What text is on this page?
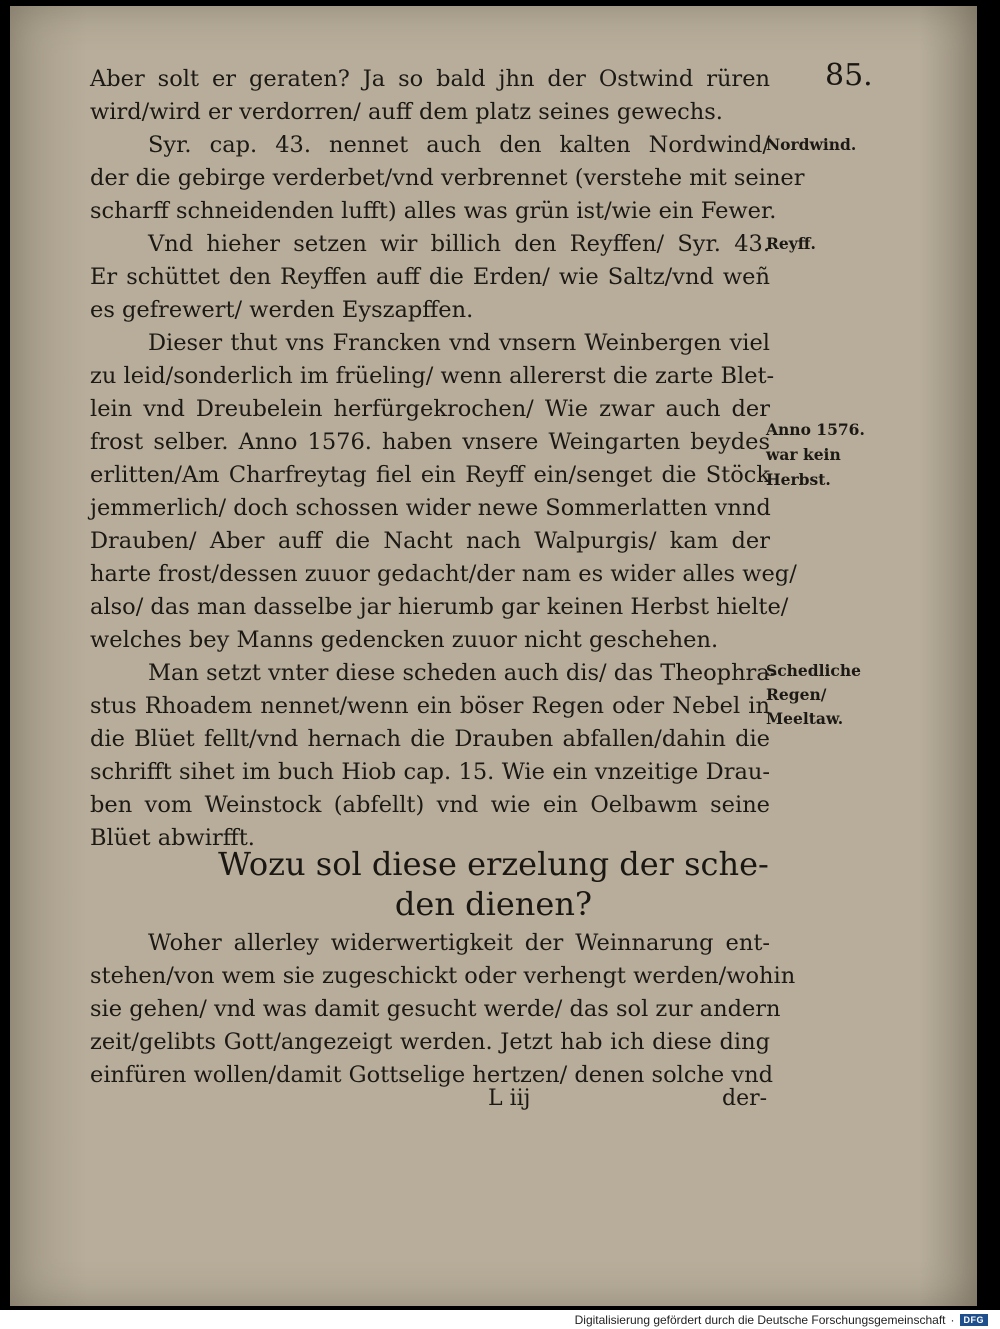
85.
Aber solt er geraten? Ja so bald jhn der Ostwind rüren
wird/wird er verdorren/ auff dem platz seines gewechs.
Syr. cap. 43. nennet auch den kalten Nordwind/
der die gebirge verderbet/vnd verbrennet (verstehe mit seiner
scharff schneidenden lufft) alles was grün ist/wie ein Fewer.
Vnd hieher setzen wir billich den Reyffen/ Syr. 43.
Er schüttet den Reyffen auff die Erden/ wie Saltz/vnd weñ
es gefrewert/ werden Eyszapffen.
Dieser thut vns Francken vnd vnsern Weinbergen viel
zu leid/sonderlich im früeling/ wenn allererst die zarte Blet-
lein vnd Dreubelein herfürgekrochen/ Wie zwar auch der
frost selber. Anno 1576. haben vnsere Weingarten beydes
erlitten/Am Charfreytag fiel ein Reyff ein/senget die Stöck
jemmerlich/ doch schossen wider newe Sommerlatten vnnd
Drauben/ Aber auff die Nacht nach Walpurgis/ kam der
harte frost/dessen zuuor gedacht/der nam es wider alles weg/
also/ das man dasselbe jar hierumb gar keinen Herbst hielte/
welches bey Manns gedencken zuuor nicht geschehen.
Man setzt vnter diese scheden auch dis/ das Theophra-
stus Rhoadem nennet/wenn ein böser Regen oder Nebel in
die Blüet fellt/vnd hernach die Drauben abfallen/dahin die
schrifft sihet im buch Hiob cap. 15. Wie ein vnzeitige Drau-
ben vom Weinstock (abfellt) vnd wie ein Oelbawm seine
Blüet abwirfft.
Nordwind.
Reyff.
Anno 1576.
war kein
Herbst.
Schedliche
Regen/
Meeltaw.
Wozu sol diese erzelung der sche-
den dienen?
Woher allerley widerwertigkeit der Weinnarung ent-
stehen/von wem sie zugeschickt oder verhengt werden/wohin
sie gehen/ vnd was damit gesucht werde/ das sol zur andern
zeit/gelibts Gott/angezeigt werden. Jetzt hab ich diese ding
einfüren wollen/damit Gottselige hertzen/ denen solche vnd
L iij	der-
Digitalisierung gefördert durch die Deutsche Forschungsgemeinschaft ·	DFG
